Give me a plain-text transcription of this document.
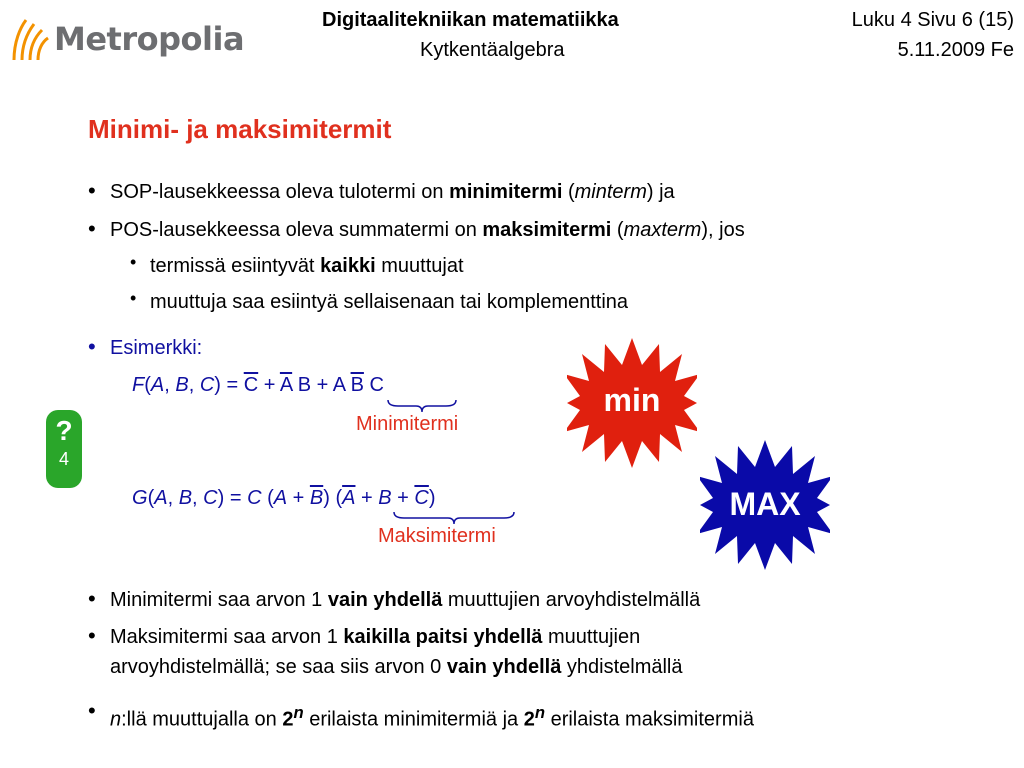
Metropolia	Digitaalitekniikan matematiikka
Kytkentäalgebra
Luku 4 Sivu 6 (15)
5.11.2009 Fe
Minimi- ja maksimitermit
• SOP-lausekkeessa oleva tulotermi on minimitermi (minterm) ja
• POS-lausekkeessa oleva summatermi on maksimitermi (maxterm), jos
• termissä esiintyvät kaikki muuttujat
• muuttuja saa esiintyä sellaisenaan tai komplementtina
• Esimerkki:
F(A, B, $C) = \overline{C} + \overline{A}$ B + A $\overline{B}$ C
Minimitermi
G(A, B, C) = C $(A + \overline{B})$ $(\overline{A} + B + \overline{C})$
Maksimitermi
?
4
min
MAX
• Minimitermi saa arvon 1 vain yhdellä muuttujien arvoyhdistelmällä
• Maksimitermi saa arvon 1 kaikilla paitsi yhdellä muuttujien
arvoyhdistelmällä; se saa siis arvon 0 vain yhdellä yhdistelmällä
• n:llä muuttujalla on 2$^n$ erilaista minimitermiä ja 2$^n$ erilaista maksimitermiä
